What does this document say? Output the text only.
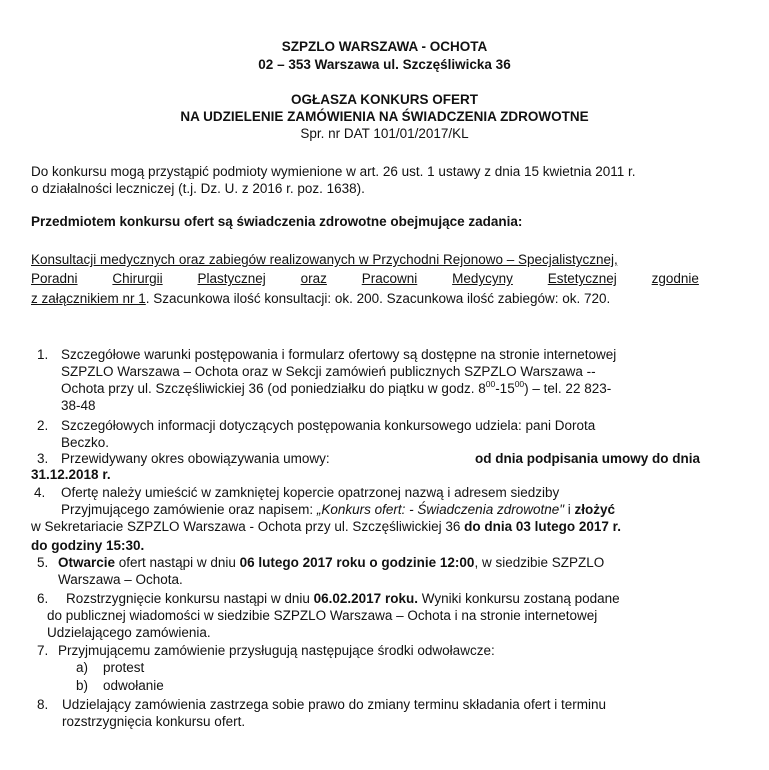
SZPZLO WARSZAWA - OCHOTA
02 – 353 Warszawa ul. Szczęśliwicka 36
OGŁASZA KONKURS OFERT
NA UDZIELENIE ZAMÓWIENIA NA ŚWIADCZENIA ZDROWOTNE
Spr. nr DAT 101/01/2017/KL
Do konkursu mogą przystąpić podmioty wymienione w art. 26 ust. 1 ustawy z dnia 15 kwietnia 2011 r.
o działalności leczniczej (t.j. Dz. U. z 2016 r. poz. 1638).
Przedmiotem konkursu ofert są świadczenia zdrowotne obejmujące zadania:
Konsultacji medycznych oraz zabiegów realizowanych w Przychodni Rejonowo – Specjalistycznej,
Poradni	Chirurgii	Plastycznej	oraz	Pracowni	Medycyny	Estetycznej	zgodnie
z załącznikiem nr 1. Szacunkowa ilość konsultacji: ok. 200. Szacunkowa ilość zabiegów: ok. 720.
1. Szczegółowe warunki postępowania i formularz ofertowy są dostępne na stronie internetowej
SZPZLO Warszawa – Ochota oraz w Sekcji zamówień publicznych SZPZLO Warszawa --
Ochota przy ul. Szczęśliwickiej 36 (od poniedziałku do piątku w godz. $8^{00}-15^{00}$) – tel. 22 823-
38-48
2. Szczegółowych informacji dotyczących postępowania konkursowego udziela: pani Dorota
Beczko.
3. Przewidywany okres obowiązywania umowy:	od dnia podpisania umowy do dnia
31.12.2018 r.
4. Ofertę należy umieścić w zamkniętej kopercie opatrzonej nazwą i adresem siedziby
Przyjmującego zamówienie oraz napisem: „Konkurs ofert: - Świadczenia zdrowotne" i złożyć
w Sekretariacie SZPZLO Warszawa - Ochota przy ul. Szczęśliwickiej 36 do dnia 03 lutego 2017 r.
do godziny 15:30.
5. Otwarcie ofert nastąpi w dniu 06 lutego 2017 roku o godzinie 12:00, w siedzibie SZPZLO
Warszawa – Ochota.
6. Rozstrzygnięcie konkursu nastąpi w dniu 06.02.2017 roku. Wyniki konkursu zostaną podane
do publicznej wiadomości w siedzibie SZPZLO Warszawa – Ochota i na stronie internetowej
Udzielającego zamówienia.
7. Przyjmującemu zamówienie przysługują następujące środki odwoławcze:
a) protest
b) odwołanie
8. Udzielający zamówienia zastrzega sobie prawo do zmiany terminu składania ofert i terminu
rozstrzygnięcia konkursu ofert.
